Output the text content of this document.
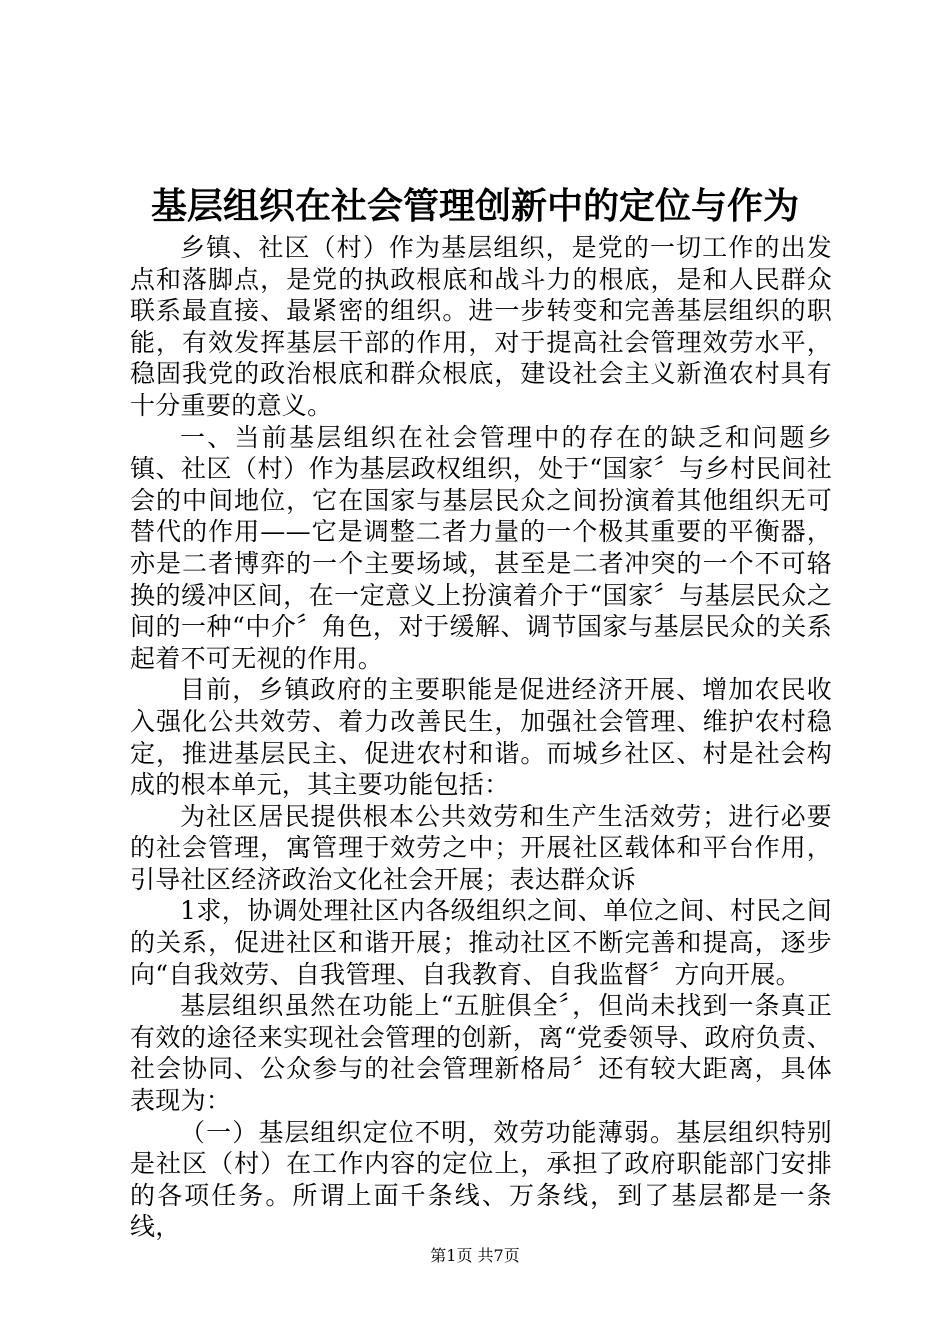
基层组织在社会管理创新中的定位与作为

乡镇、社区（村）作为基层组织，是党的一切工作的出发点和落脚点，是党的执政根底和战斗力的根底，是和人民群众联系最直接、最紧密的组织。进一步转变和完善基层组织的职能，有效发挥基层干部的作用，对于提高社会管理效劳水平，稳固我党的政治根底和群众根底，建设社会主义新渔农村具有十分重要的意义。

一、当前基层组织在社会管理中的存在的缺乏和问题乡镇、社区（村）作为基层政权组织，处于“国家〞与乡村民间社会的中间地位，它在国家与基层民众之间扮演着其他组织无可替代的作用——它是调整二者力量的一个极其重要的平衡器，亦是二者博弈的一个主要场域，甚至是二者冲突的一个不可辂换的缓冲区间，在一定意义上扮演着介于“国家〞与基层民众之间的一种“中介〞角色，对于缓解、调节国家与基层民众的关系起着不可无视的作用。

目前，乡镇政府的主要职能是促进经济开展、增加农民收入强化公共效劳、着力改善民生，加强社会管理、维护农村稳定，推进基层民主、促进农村和谐。而城乡社区、村是社会构成的根本单元，其主要功能包括：

为社区居民提供根本公共效劳和生产生活效劳；进行必要的社会管理，寓管理于效劳之中；开展社区载体和平台作用，引导社区经济政治文化社会开展；表达群众诉

1求，协调处理社区内各级组织之间、单位之间、村民之间的关系，促进社区和谐开展；推动社区不断完善和提高，逐步向“自我效劳、自我管理、自我教育、自我监督〞方向开展。

基层组织虽然在功能上“五脏俱全〞，但尚未找到一条真正有效的途径来实现社会管理的创新，离“党委领导、政府负责、社会协同、公众参与的社会管理新格局〞还有较大距离，具体表现为：

（一）基层组织定位不明，效劳功能薄弱。基层组织特别是社区（村）在工作内容的定位上，承担了政府职能部门安排的各项任务。所谓上面千条线、万条线，到了基层都是一条线，

第1页 共7页
